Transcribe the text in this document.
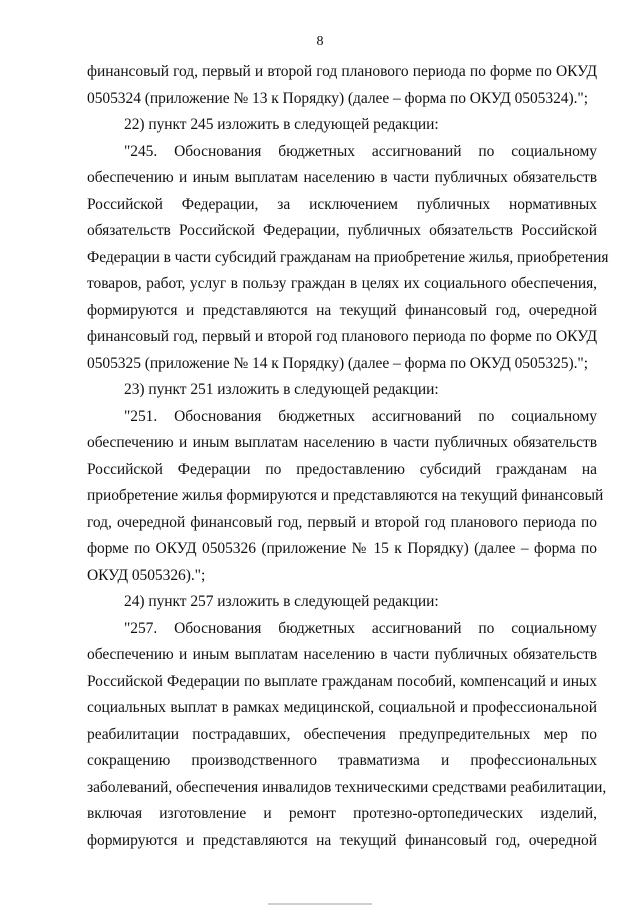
8
финансовый год, первый и второй год планового периода по форме по ОКУД
0505324 (приложение № 13 к Порядку) (далее – форма по ОКУД 0505324).";
22) пункт 245 изложить в следующей редакции:
"245. Обоснования бюджетных ассигнований по социальному
обеспечению и иным выплатам населению в части публичных обязательств
Российской Федерации, за исключением публичных нормативных
обязательств Российской Федерации, публичных обязательств Российской
Федерации в части субсидий гражданам на приобретение жилья, приобретения
товаров, работ, услуг в пользу граждан в целях их социального обеспечения,
формируются и представляются на текущий финансовый год, очередной
финансовый год, первый и второй год планового периода по форме по ОКУД
0505325 (приложение № 14 к Порядку) (далее – форма по ОКУД 0505325).";
23) пункт 251 изложить в следующей редакции:
"251. Обоснования бюджетных ассигнований по социальному
обеспечению и иным выплатам населению в части публичных обязательств
Российской Федерации по предоставлению субсидий гражданам на
приобретение жилья формируются и представляются на текущий финансовый
год, очередной финансовый год, первый и второй год планового периода по
форме по ОКУД 0505326 (приложение № 15 к Порядку) (далее – форма по
ОКУД 0505326).";
24) пункт 257 изложить в следующей редакции:
"257. Обоснования бюджетных ассигнований по социальному
обеспечению и иным выплатам населению в части публичных обязательств
Российской Федерации по выплате гражданам пособий, компенсаций и иных
социальных выплат в рамках медицинской, социальной и профессиональной
реабилитации пострадавших, обеспечения предупредительных мер по
сокращению производственного травматизма и профессиональных
заболеваний, обеспечения инвалидов техническими средствами реабилитации,
включая изготовление и ремонт протезно-ортопедических изделий,
формируются и представляются на текущий финансовый год, очередной
